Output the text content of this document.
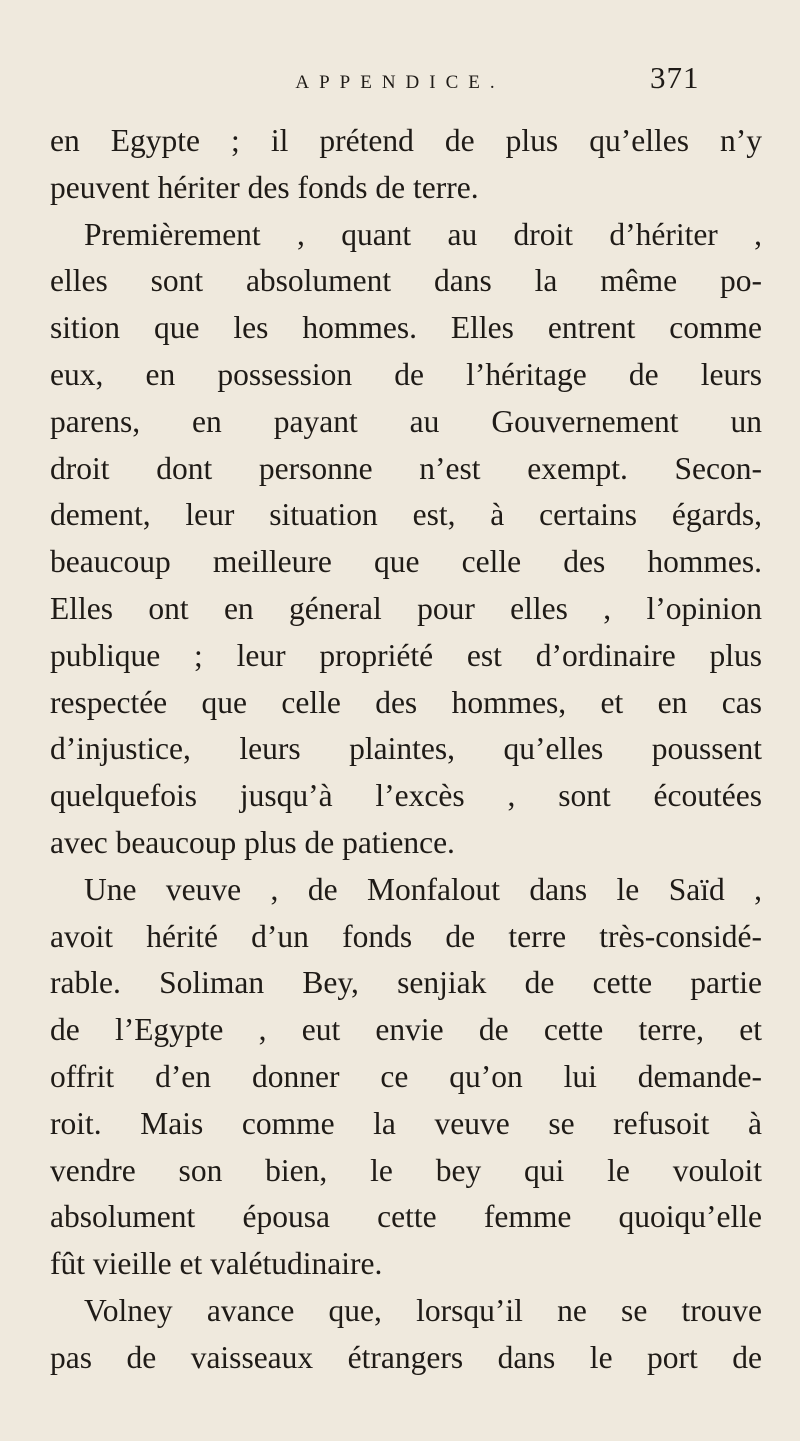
APPENDICE.	371
en Egypte ; il prétend de plus qu’elles n’y
peuvent hériter des fonds de terre.
Premièrement , quant au droit d’hériter ,
elles sont absolument dans la même po-
sition que les hommes. Elles entrent comme
eux, en possession de l’héritage de leurs
parens, en payant au Gouvernement un
droit dont personne n’est exempt. Secon-
dement, leur situation est, à certains égards,
beaucoup meilleure que celle des hommes.
Elles ont en géneral pour elles , l’opinion
publique ; leur propriété est d’ordinaire plus
respectée que celle des hommes, et en cas
d’injustice, leurs plaintes, qu’elles poussent
quelquefois jusqu’à l’excès , sont écoutées
avec beaucoup plus de patience.
Une veuve , de Monfalout dans le Saïd ,
avoit hérité d’un fonds de terre très-considé-
rable. Soliman Bey, senjiak de cette partie
de l’Egypte , eut envie de cette terre, et
offrit d’en donner ce qu’on lui demande-
roit. Mais comme la veuve se refusoit à
vendre son bien, le bey qui le vouloit
absolument épousa cette femme quoiqu’elle
fût vieille et valétudinaire.
Volney avance que, lorsqu’il ne se trouve
pas de vaisseaux étrangers dans le port de
